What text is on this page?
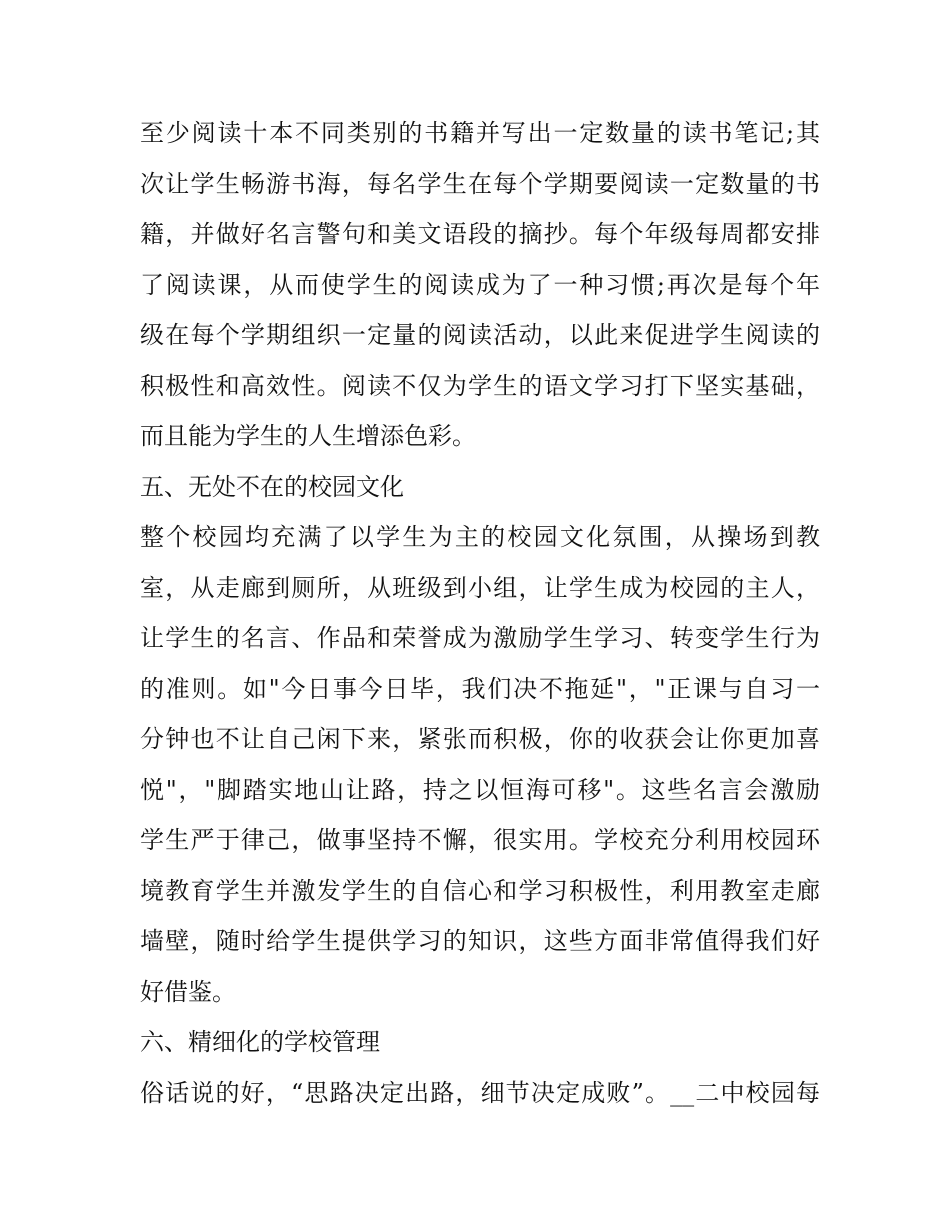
至少阅读十本不同类别的书籍并写出一定数量的读书笔记;其
次让学生畅游书海，每名学生在每个学期要阅读一定数量的书
籍，并做好名言警句和美文语段的摘抄。每个年级每周都安排
了阅读课，从而使学生的阅读成为了一种习惯;再次是每个年
级在每个学期组织一定量的阅读活动，以此来促进学生阅读的
积极性和高效性。阅读不仅为学生的语文学习打下坚实基础，
而且能为学生的人生增添色彩。
五、无处不在的校园文化
整个校园均充满了以学生为主的校园文化氛围，从操场到教
室，从走廊到厕所，从班级到小组，让学生成为校园的主人，
让学生的名言、作品和荣誉成为激励学生学习、转变学生行为
的准则。如"今日事今日毕，我们决不拖延"，"正课与自习一
分钟也不让自己闲下来，紧张而积极，你的收获会让你更加喜
悦"，"脚踏实地山让路，持之以恒海可移"。这些名言会激励
学生严于律己，做事坚持不懈，很实用。学校充分利用校园环
境教育学生并激发学生的自信心和学习积极性，利用教室走廊
墙壁，随时给学生提供学习的知识，这些方面非常值得我们好
好借鉴。
六、精细化的学校管理
俗话说的好，“思路决定出路，细节决定成败”。__二中校园每
